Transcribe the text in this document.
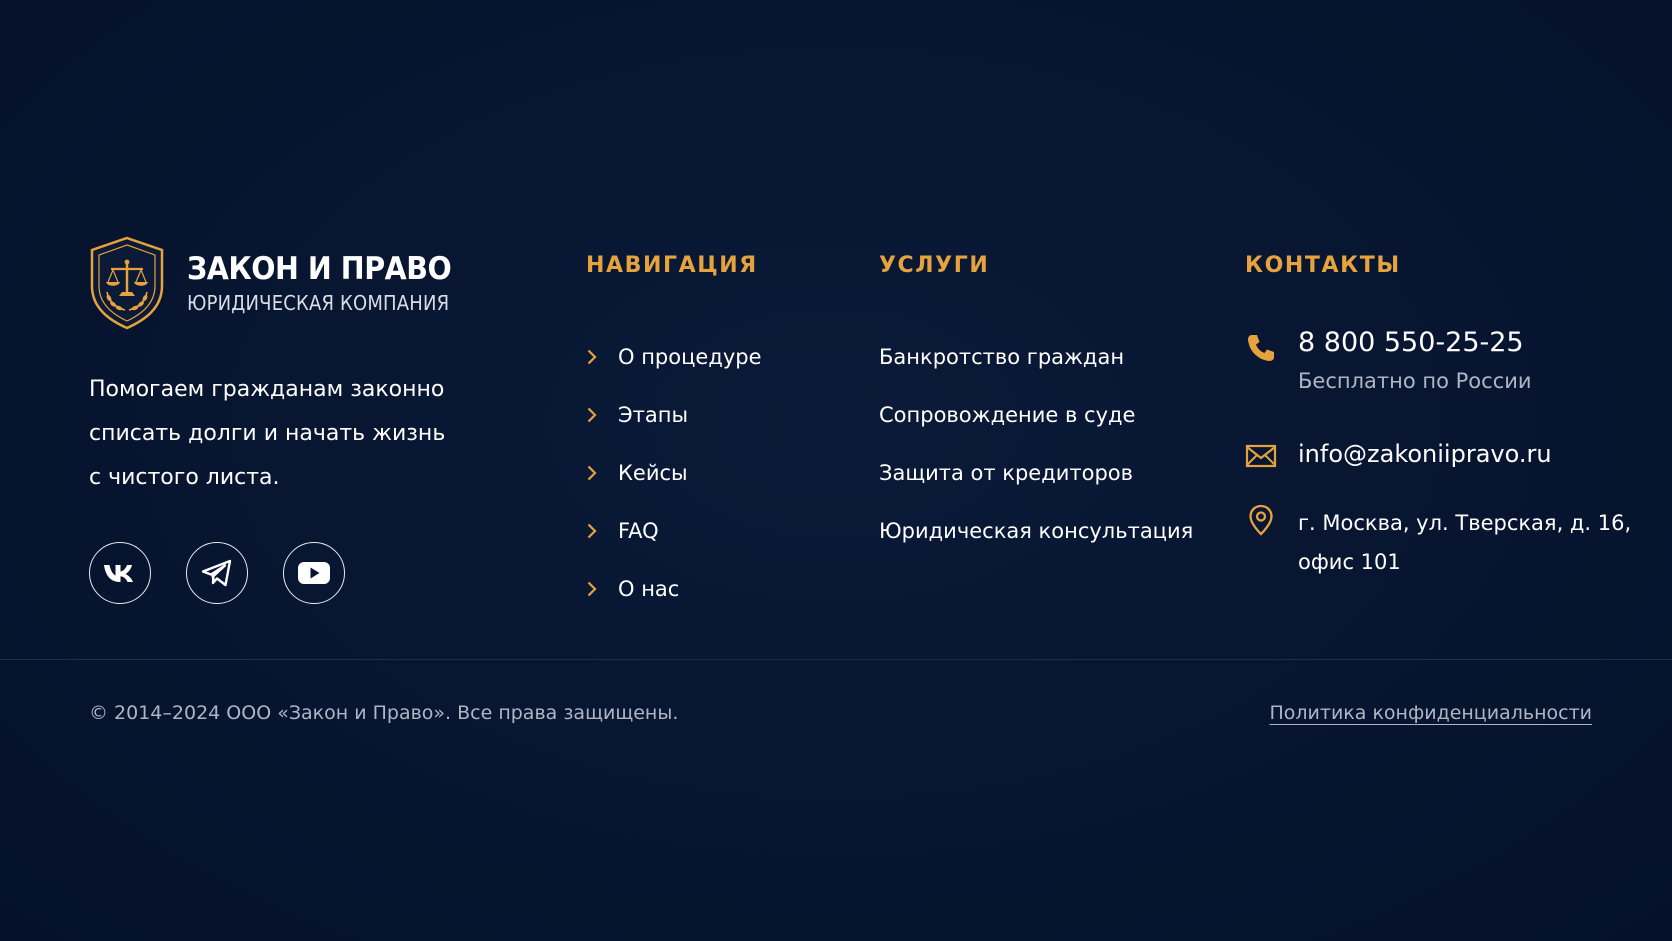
ЗАКОН И ПРАВО
ЮРИДИЧЕСКАЯ КОМПАНИЯ
Помогаем гражданам законно
списать долги и начать жизнь
с чистого листа.
НАВИГАЦИЯ
О процедуре
Этапы
Кейсы
FAQ
О нас
УСЛУГИ
Банкротство граждан
Сопровождение в суде
Защита от кредиторов
Юридическая консультация
КОНТАКТЫ
8 800 550-25-25
Бесплатно по России
info@zakoniipravo.ru
г. Москва, ул. Тверская, д. 16,
офис 101
© 2014–2024 ООО «Закон и Право». Все права защищены.	Политика конфиденциальности
